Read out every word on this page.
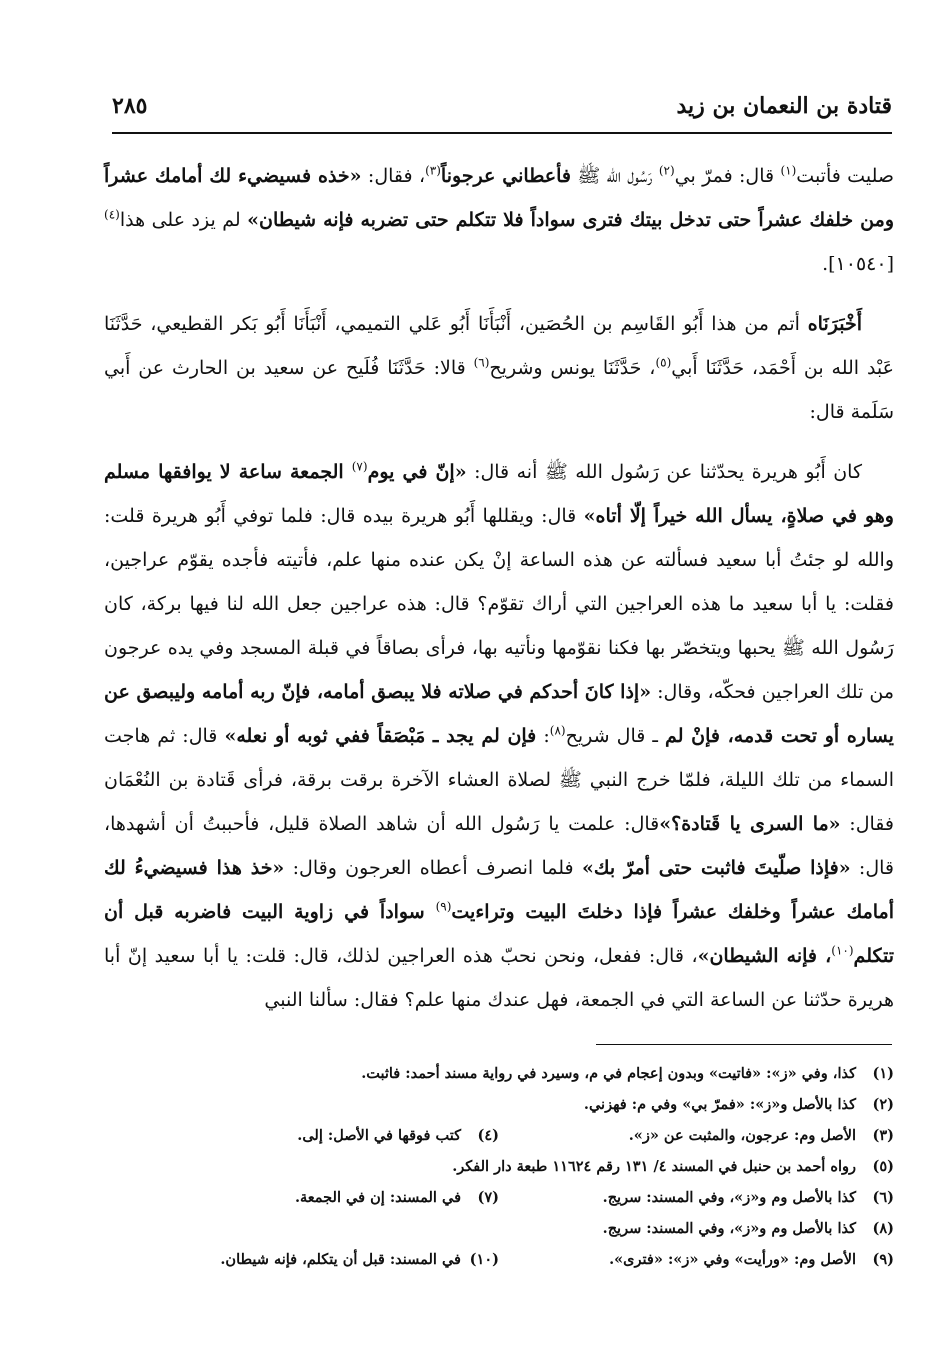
قتادة بن النعمان بن زيد
٢٨٥

صليت فأتبت$^{(١)}$ قال: فمرّ بي$^{(٢)}$ رَسُول الله ﷺ فأعطاني عرجوناً$^{(٣)}$، فقال: «خذه فسيضيء لك أمامك عشراً ومن خلفك عشراً حتى تدخل بيتك فترى سواداً فلا تتكلم حتى تضربه فإنه شيطان» لم يزد على هذا$^{(٤)}$[١٠٥٤٠].

أَخْبَرَنَاه أتم من هذا أَبُو القَاسِم بن الحُصَين، أَنْبَأَنَا أَبُو عَلي التميمي، أَنْبَأَنَا أَبُو بَكر القطيعي، حَدَّثَنَا عَبْد الله بن أَحْمَد، حَدَّثَنَا أَبي$^{(٥)}$، حَدَّثَنَا يونس وشريح$^{(٦)}$ قالا: حَدَّثَنَا فُلَيح عن سعيد بن الحارث عن أَبي سَلَمة قال:

كان أَبُو هريرة يحدّثنا عن رَسُول الله ﷺ أنه قال: «إنّ في يوم$^{(٧)}$ الجمعة ساعة لا يوافقها مسلم وهو في صلاةٍ، يسأل الله خيراً إلّا أتاه» قال: ويقللها أَبُو هريرة بيده قال: فلما توفي أَبُو هريرة قلت: والله لو جئتُ أبا سعيد فسألته عن هذه الساعة إنْ يكن عنده منها علم، فأتيته فأجده يقوّم عراجين، فقلت: يا أبا سعيد ما هذه العراجين التي أراك تقوّم؟ قال: هذه عراجين جعل الله لنا فيها بركة، كان رَسُول الله ﷺ يحبها ويتخصّر بها فكنا نقوّمها ونأتيه بها، فرأى بصاقاً في قبلة المسجد وفي يده عرجون من تلك العراجين فحكّه، وقال: «إذا كانَ أحدكم في صلاته فلا يبصق أمامه، فإنّ ربه أمامه وليبصق عن يساره أو تحت قدمه، فإنْ لم ـ قال شريح$^{(٨)}$: فإن لم يجد ـ مَبْصَقاً ففي ثوبه أو نعله» قال: ثم هاجت السماء من تلك الليلة، فلمّا خرج النبي ﷺ لصلاة العشاء الآخرة برقت برقة، فرأى قَتادة بن النُعْمَان فقال: «ما السرى يا قَتادة؟»قال: علمت يا رَسُول الله أن شاهد الصلاة قليل، فأحببتُ أن أشهدها، قال: «فإذا صلّيتَ فاثبت حتى أمرّ بك» فلما انصرف أعطاه العرجون وقال: «خذ هذا فسيضيءُ لك أمامك عشراً وخلفك عشراً فإذا دخلتَ البيت وتراءيت$^{(٩)}$ سواداً في زاوية البيت فاضربه قبل أن تتكلم$^{(١٠)}$، فإنه الشيطان»، قال: ففعل، ونحن نحبّ هذه العراجين لذلك، قال: قلت: يا أبا سعيد إنّ أبا هريرة حدّثنا عن الساعة التي في الجمعة، فهل عندك منها علم؟ فقال: سألنا النبي

(١)
كذا، وفي «ز»: «فاتيت» وبدون إعجام في م، وسيرد في رواية مسند أحمد: فاثبت.
(٢)
كذا بالأصل و«ز»: «فمرّ بي» وفي م: فهزني.
(٣)
الأصل وم: عرجون، والمثبت عن «ز».
(٤)
كتب فوقها في الأصل: إلى.
(٥)
رواه أحمد بن حنبل في المسند ٤/ ١٣١ رقم ١١٦٢٤ طبعة دار الفكر.
(٦)
كذا بالأصل وم و«ز»، وفي المسند: سريج.
(٧)
في المسند: إن في الجمعة.
(٨)
كذا بالأصل وم و«ز»، وفي المسند: سريج.
(٩)
الأصل وم: «ورأيت» وفي «ز»: «فترى».
(١٠)
في المسند: قبل أن يتكلم، فإنه شيطان.
